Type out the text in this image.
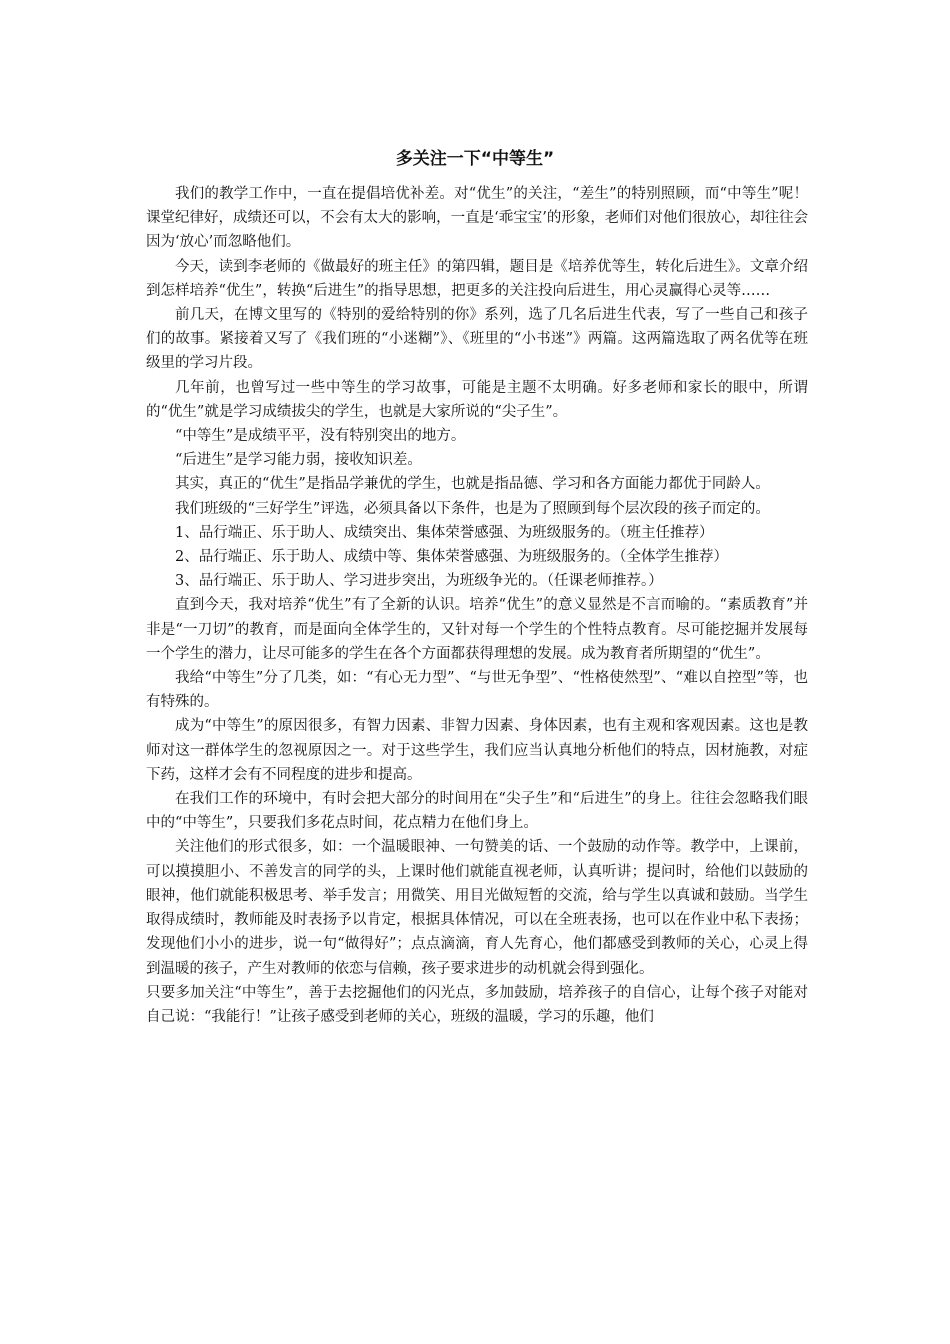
多关注一下“中等生”

我们的教学工作中，一直在提倡培优补差。对“优生”的关注，“差生”的特别照顾，而“中等生”呢！课堂纪律好，成绩还可以，不会有太大的影响，一直是‘乖宝宝’的形象，老师们对他们很放心，却往往会因为‘放心’而忽略他们。

今天，读到李老师的《做最好的班主任》的第四辑，题目是《培养优等生，转化后进生》。文章介绍到怎样培养“优生”，转换“后进生”的指导思想，把更多的关注投向后进生，用心灵赢得心灵等……

前几天，在博文里写的《特别的爱给特别的你》系列，选了几名后进生代表，写了一些自己和孩子们的故事。紧接着又写了《我们班的“小迷糊”》、《班里的“小书迷”》两篇。这两篇选取了两名优等在班级里的学习片段。

几年前，也曾写过一些中等生的学习故事，可能是主题不太明确。好多老师和家长的眼中，所谓的“优生”就是学习成绩拔尖的学生，也就是大家所说的“尖子生”。

“中等生”是成绩平平，没有特别突出的地方。

“后进生”是学习能力弱，接收知识差。

其实，真正的“优生”是指品学兼优的学生，也就是指品德、学习和各方面能力都优于同龄人。

我们班级的“三好学生”评选，必须具备以下条件，也是为了照顾到每个层次段的孩子而定的。

1、品行端正、乐于助人、成绩突出、集体荣誉感强、为班级服务的。（班主任推荐）

2、品行端正、乐于助人、成绩中等、集体荣誉感强、为班级服务的。（全体学生推荐）

3、品行端正、乐于助人、学习进步突出，为班级争光的。（任课老师推荐。）

直到今天，我对培养“优生”有了全新的认识。培养“优生”的意义显然是不言而喻的。“素质教育”并非是“一刀切”的教育，而是面向全体学生的，又针对每一个学生的个性特点教育。尽可能挖掘并发展每一个学生的潜力，让尽可能多的学生在各个方面都获得理想的发展。成为教育者所期望的“优生”。

我给“中等生”分了几类，如：“有心无力型”、“与世无争型”、“性格使然型”、“难以自控型”等，也有特殊的。

成为“中等生”的原因很多，有智力因素、非智力因素、身体因素，也有主观和客观因素。这也是教师对这一群体学生的忽视原因之一。对于这些学生，我们应当认真地分析他们的特点，因材施教，对症下药，这样才会有不同程度的进步和提高。

在我们工作的环境中，有时会把大部分的时间用在“尖子生”和“后进生”的身上。往往会忽略我们眼中的“中等生”，只要我们多花点时间，花点精力在他们身上。

关注他们的形式很多，如：一个温暖眼神、一句赞美的话、一个鼓励的动作等。教学中，上课前，可以摸摸胆小、不善发言的同学的头，上课时他们就能直视老师，认真听讲；提问时，给他们以鼓励的眼神，他们就能积极思考、举手发言；用微笑、用目光做短暂的交流，给与学生以真诚和鼓励。当学生取得成绩时，教师能及时表扬予以肯定，根据具体情况，可以在全班表扬，也可以在作业中私下表扬；发现他们小小的进步，说一句“做得好”；点点滴滴，育人先育心，他们都感受到教师的关心，心灵上得到温暖的孩子，产生对教师的依恋与信赖，孩子要求进步的动机就会得到强化。

只要多加关注“中等生”，善于去挖掘他们的闪光点，多加鼓励，培养孩子的自信心，让每个孩子对能对自己说：“我能行！”让孩子感受到老师的关心，班级的温暖，学习的乐趣，他们
